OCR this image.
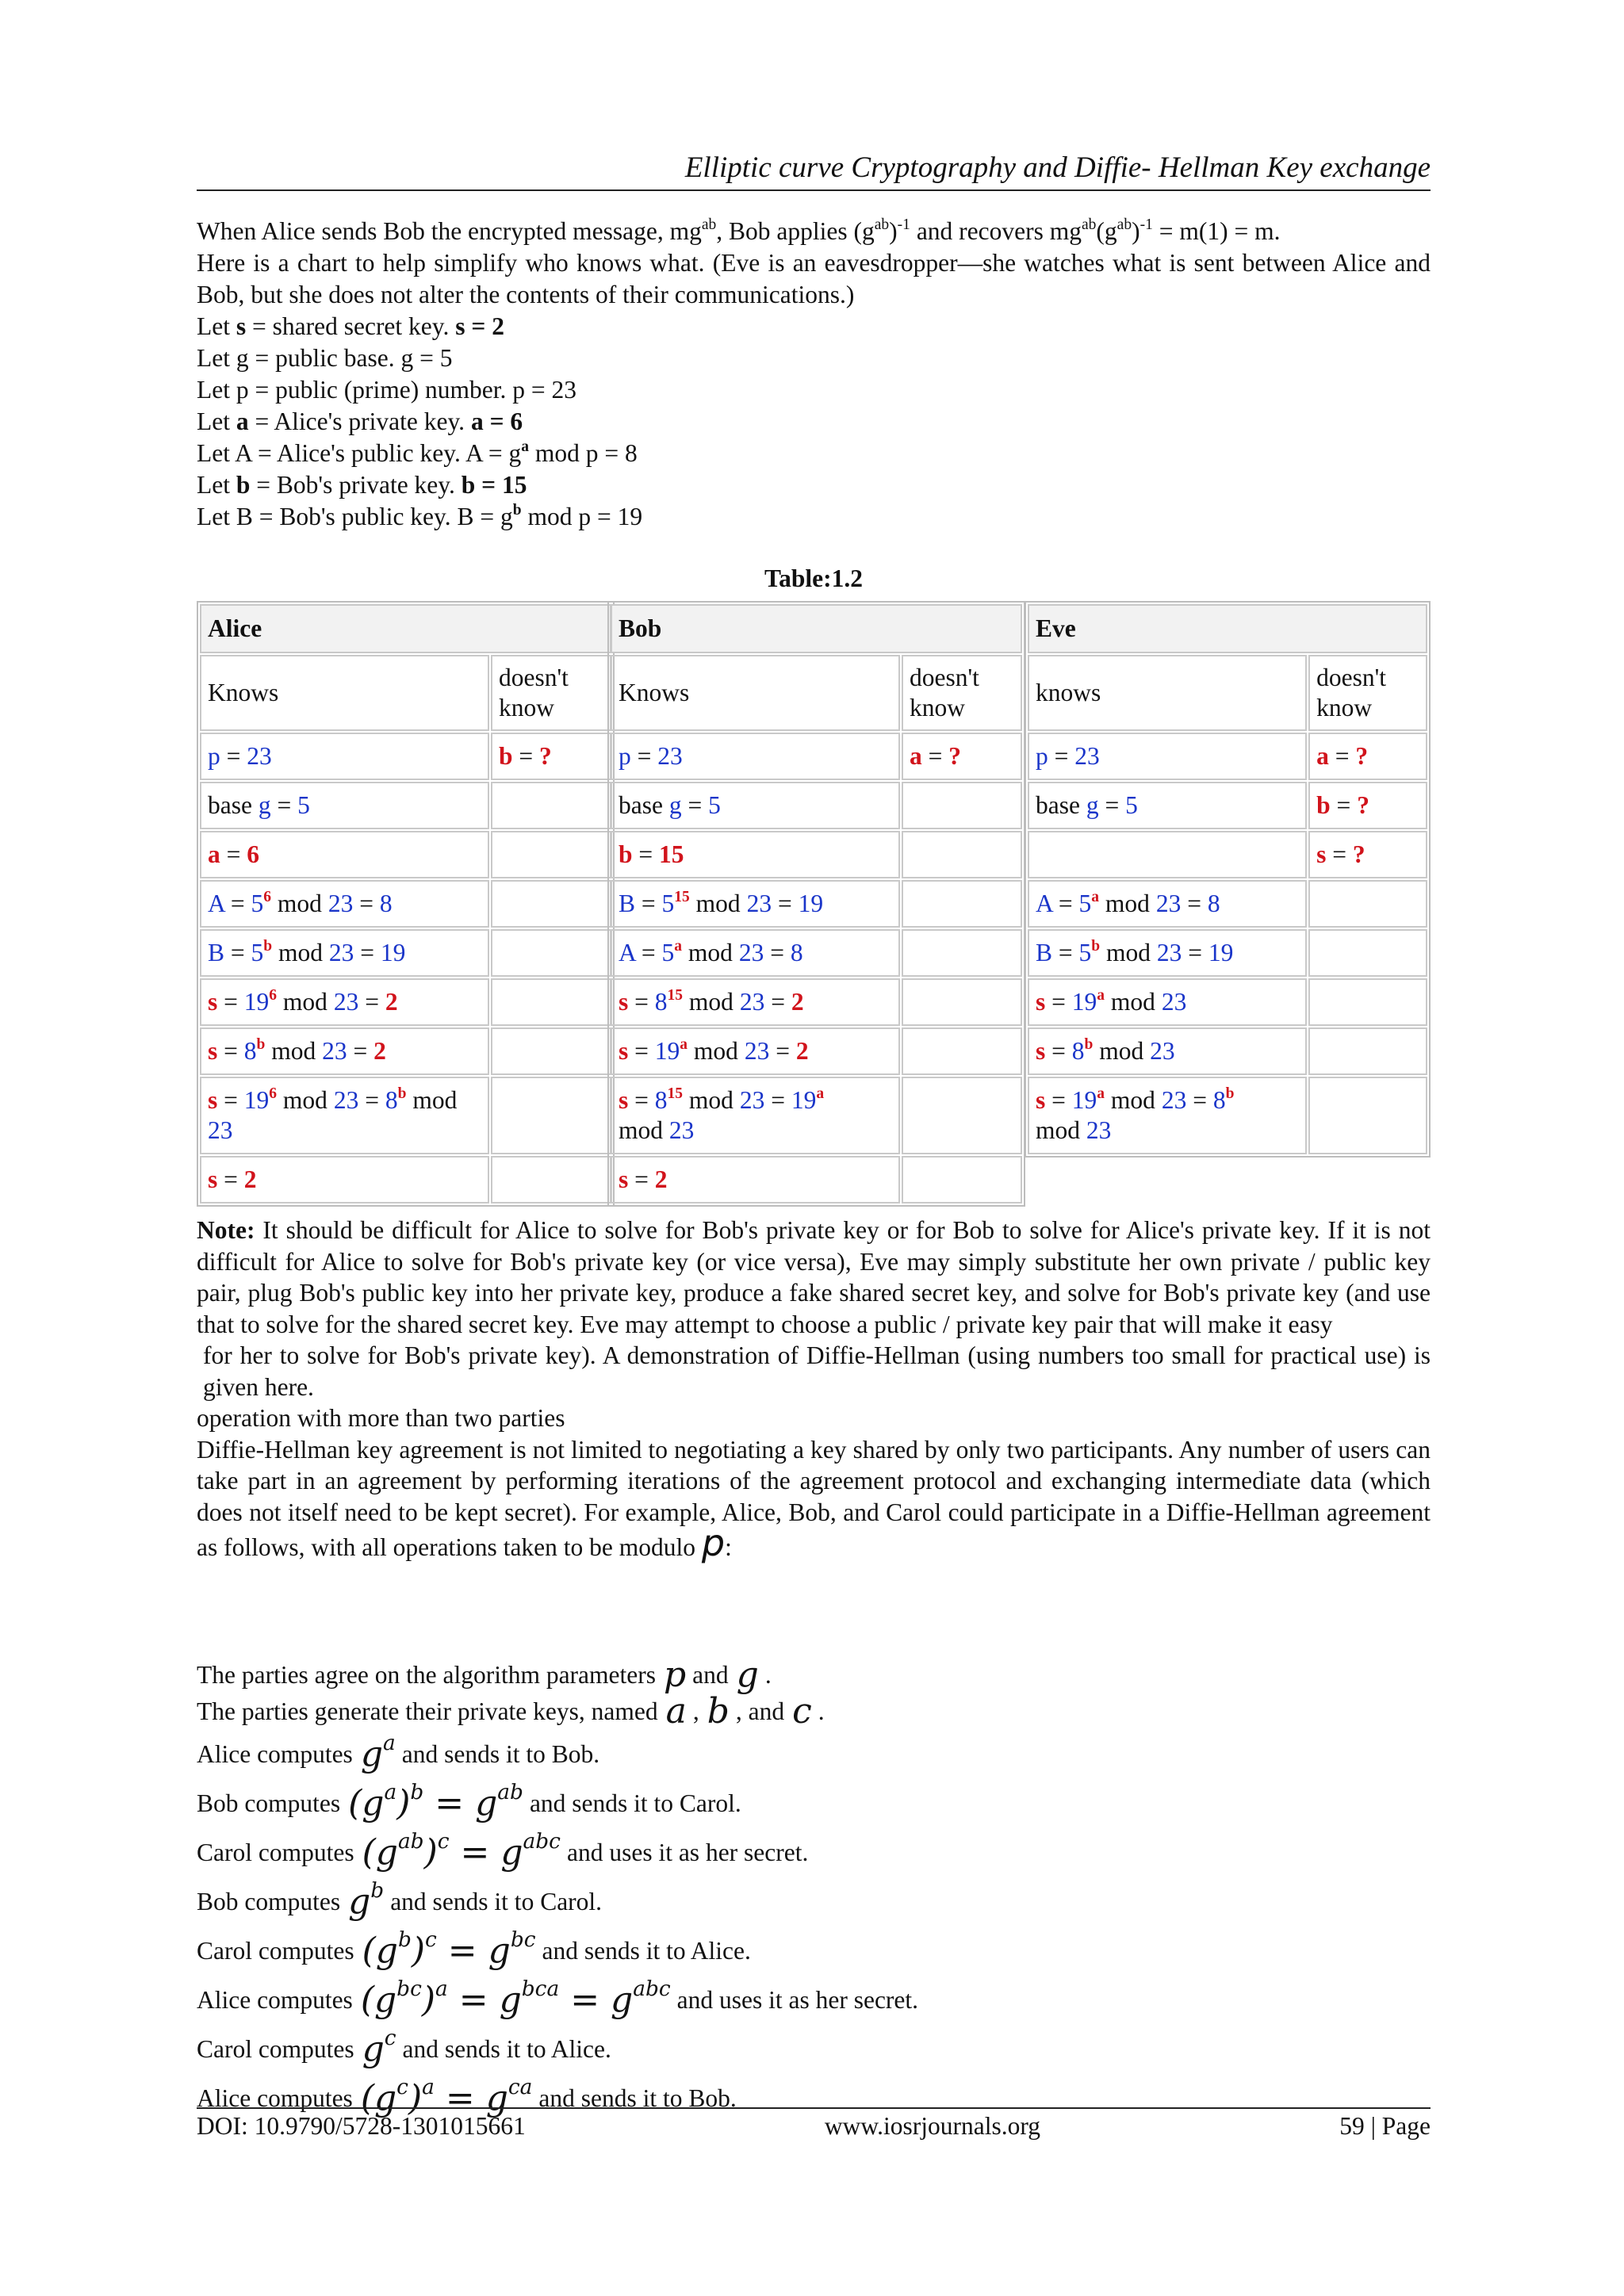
Elliptic curve Cryptography and Diffie- Hellman Key exchange

When Alice sends Bob the encrypted message, $mg^{ab}$, Bob applies $(g^{ab})^{-1}$ and recovers $mg^{ab}(g^{ab})^{-1} = m(1) = m$.

Here is a chart to help simplify who knows what. (Eve is an eavesdropper—she watches what is sent between Alice and Bob, but she does not alter the contents of their communications.)

Let s = shared secret key. s = 2

Let g = public base. g = 5

Let p = public (prime) number. p = 23

Let a = Alice's private key. a = 6

Let A = Alice's public key. $A = g^a$ mod p = 8

Let b = Bob's private key. b = 15

Let B = Bob's public key. $B = g^b$ mod p = 19

Table:1.2
Alice	
Knows	doesn't know
p = 23	b = ?
base g = 5	
a = 6	
$A = 5^6$ mod 23 = 8	
$B = 5^b$ mod 23 = 19	
$s = 19^6$ mod 23 = 2	
$s = 8^b$ mod 23 = 2	
$s = 19^6$ mod $23 = 8^b$ mod 23	
s = 2	
Bob	
Knows	doesn't know
p = 23	a = ?
base g = 5	
b = 15	
$B = 5^{15}$ mod 23 = 19	
$A = 5^a$ mod 23 = 8	
$s = 8^{15}$ mod 23 = 2	
$s = 19^a$ mod 23 = 2	
$s = 8^{15}$ mod $23 = 19^a$
mod 23	
s = 2	
Eve	
knows	doesn't know
p = 23	a = ?
base g = 5	b = ?
	s = ?
$A = 5^a$ mod 23 = 8	
$B = 5^b$ mod 23 = 19	
$s = 19^a$ mod 23	
$s = 8^b$ mod 23	
$s = 19^a$ mod $23 = 8^b$
mod 23	

Note: It should be difficult for Alice to solve for Bob's private key or for Bob to solve for Alice's private key. If it is not difficult for Alice to solve for Bob's private key (or vice versa), Eve may simply substitute her own private / public key pair, plug Bob's public key into her private key, produce a fake shared secret key, and solve for Bob's private key (and use that to solve for the shared secret key. Eve may attempt to choose a public / private key pair that will make it easy

for her to solve for Bob's private key). A demonstration of Diffie-Hellman (using numbers too small for practical use) is given here.

operation with more than two parties

Diffie-Hellman key agreement is not limited to negotiating a key shared by only two participants. Any number of users can take part in an agreement by performing iterations of the agreement protocol and exchanging intermediate data (which does not itself need to be kept secret). For example, Alice, Bob, and Carol could participate in a Diffie-Hellman agreement as follows, with all operations taken to be modulo p:

The parties agree on the algorithm parameters p and g .
The parties generate their private keys, named a , b , and c .
Alice computes $g^a$ and sends it to Bob.
Bob computes $(g^a)^b = g^{ab}$ and sends it to Carol.
Carol computes $(g^{ab})^c = g^{abc}$ and uses it as her secret.
Bob computes $g^b$ and sends it to Carol.
Carol computes $(g^b)^c = g^{bc}$ and sends it to Alice.
Alice computes $(g^{bc})^a = g^{bca} = g^{abc}$ and uses it as her secret.
Carol computes $g^c$ and sends it to Alice.
Alice computes $(g^c)^a = g^{ca}$ and sends it to Bob.
DOI: 10.9790/5728-1301015661	www.iosrjournals.org	59 | Page
